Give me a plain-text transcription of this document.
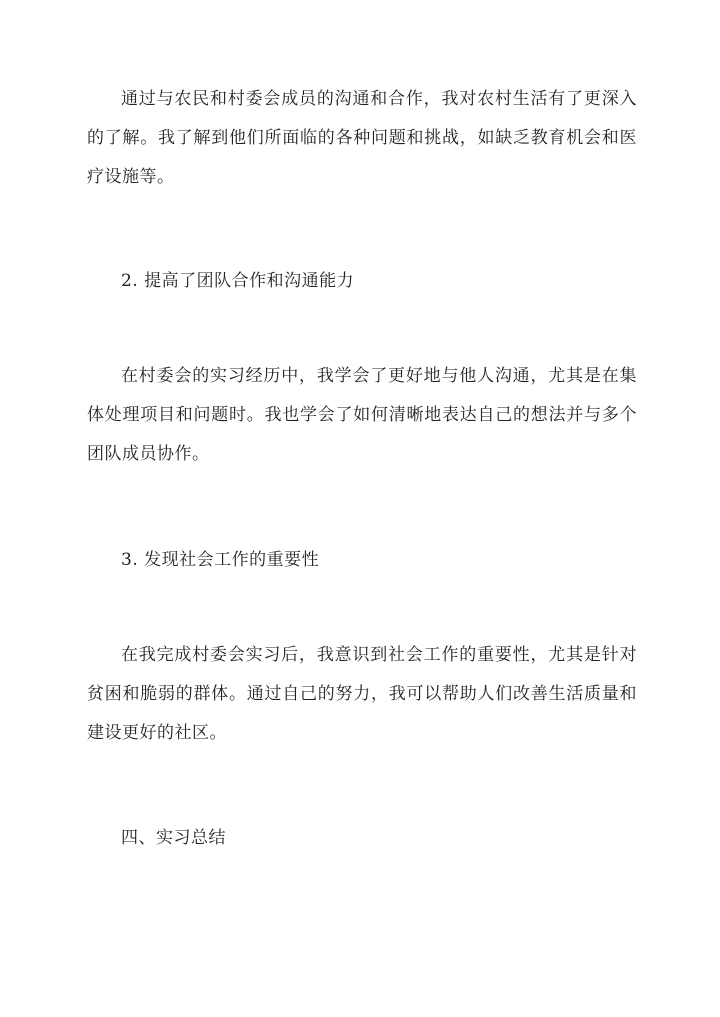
通过与农民和村委会成员的沟通和合作，我对农村生活有了更深入的了解。我了解到他们所面临的各种问题和挑战，如缺乏教育机会和医疗设施等。

2. 提高了团队合作和沟通能力

在村委会的实习经历中，我学会了更好地与他人沟通，尤其是在集体处理项目和问题时。我也学会了如何清晰地表达自己的想法并与多个团队成员协作。

3. 发现社会工作的重要性

在我完成村委会实习后，我意识到社会工作的重要性，尤其是针对贫困和脆弱的群体。通过自己的努力，我可以帮助人们改善生活质量和建设更好的社区。

四、实习总结
